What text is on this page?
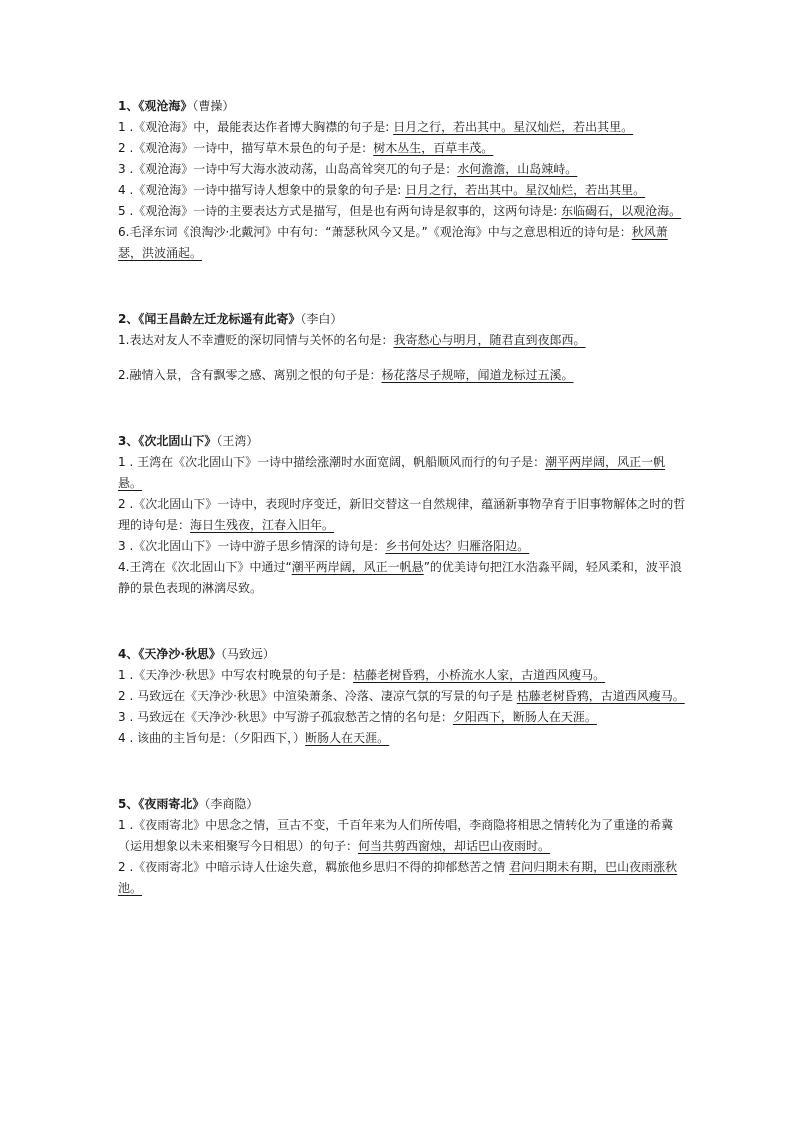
1、《观沧海》（曹操）

1 .《观沧海》中，最能表达作者博大胸襟的句子是: 日月之行，若出其中。星汉灿烂，若出其里。

2 .《观沧海》一诗中，描写草木景色的句子是：树木丛生，百草丰茂。

3 .《观沧海》一诗中写大海水波动荡，山岛高耸突兀的句子是：水何澹澹，山岛竦峙。

4 .《观沧海》一诗中描写诗人想象中的景象的句子是: 日月之行，若出其中。星汉灿烂，若出其里。

5 .《观沧海》一诗的主要表达方式是描写，但是也有两句诗是叙事的，这两句诗是: 东临碣石，以观沧海。

6.毛泽东词《浪淘沙·北戴河》中有句：“萧瑟秋风今又是。”《观沧海》中与之意思相近的诗句是：秋风萧瑟，洪波涌起。

2、《闻王昌龄左迁龙标遥有此寄》（李白）

1.表达对友人不幸遭贬的深切同情与关怀的名句是：我寄愁心与明月，随君直到夜郎西。

2.融情入景，含有飘零之感、离别之恨的句子是：杨花落尽子规啼，闻道龙标过五溪。

3、《次北固山下》（王湾）

1 . 王湾在《次北固山下》一诗中描绘涨潮时水面宽阔，帆船顺风而行的句子是：潮平两岸阔，风正一帆悬。

2 .《次北固山下》一诗中，表现时序变迁，新旧交替这一自然规律，蕴涵新事物孕育于旧事物解体之时的哲理的诗句是：海日生残夜，江春入旧年。

3 .《次北固山下》一诗中游子思乡情深的诗句是：乡书何处达？归雁洛阳边。

4.王湾在《次北固山下》中通过“潮平两岸阔，风正一帆悬”的优美诗句把江水浩淼平阔，轻风柔和，波平浪静的景色表现的淋漓尽致。

4、《天净沙·秋思》（马致远）

1 .《天净沙·秋思》中写农村晚景的句子是：枯藤老树昏鸦，小桥流水人家，古道西风瘦马。

2 . 马致远在《天净沙·秋思》中渲染萧条、冷落、凄凉气氛的写景的句子是 枯藤老树昏鸦，古道西风瘦马。

3 . 马致远在《天净沙·秋思》中写游子孤寂愁苦之情的名句是：夕阳西下，断肠人在天涯。

4 . 该曲的主旨句是：（夕阳西下，）断肠人在天涯。

5、《夜雨寄北》（李商隐）

1 .《夜雨寄北》中思念之情，亘古不变，千百年来为人们所传唱，李商隐将相思之情转化为了重逢的希冀（运用想象以未来相聚写今日相思）的句子：何当共剪西窗烛，却话巴山夜雨时。

2 .《夜雨寄北》中暗示诗人仕途失意，羁旅他乡思归不得的抑郁愁苦之情 君问归期未有期，巴山夜雨涨秋池。
